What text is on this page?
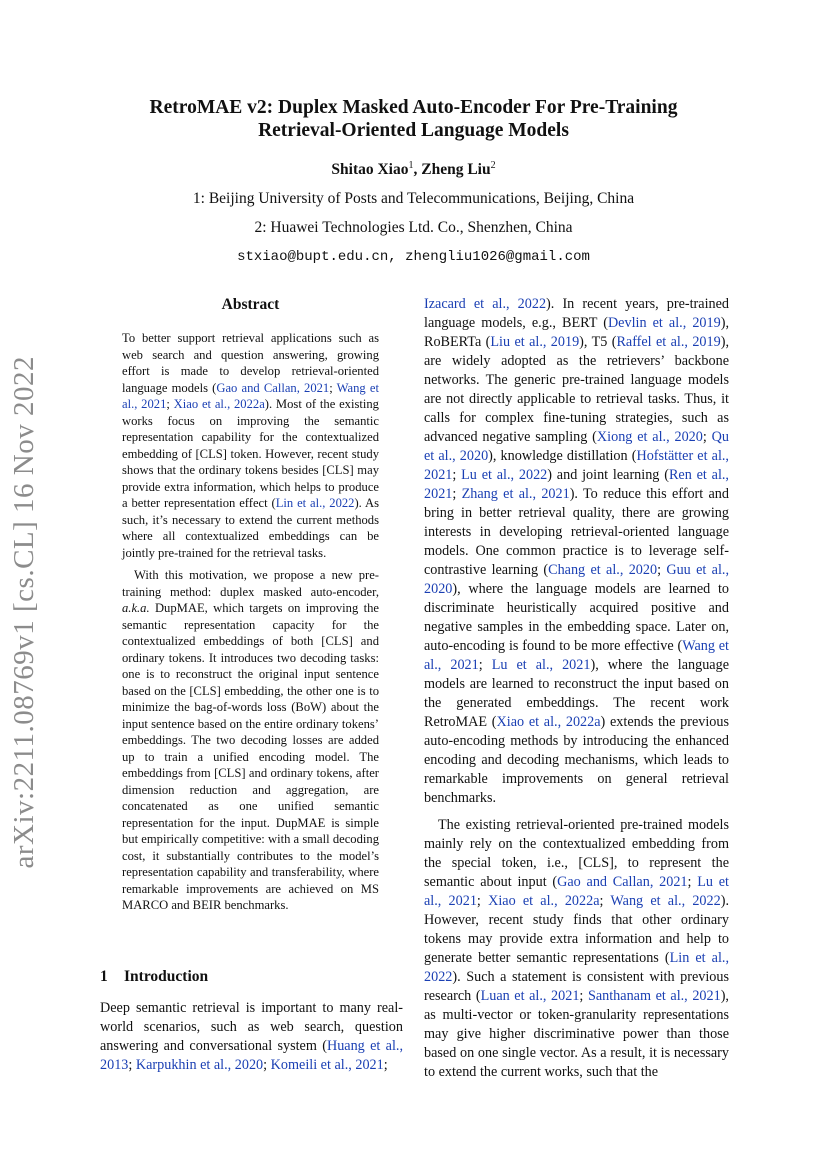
arXiv:2211.08769v1 [cs.CL] 16 Nov 2022
RetroMAE v2: Duplex Masked Auto-Encoder For Pre-Training
Retrieval-Oriented Language Models
Shitao Xiao$^1$, Zheng Liu$^2$
1: Beijing University of Posts and Telecommunications, Beijing, China
2: Huawei Technologies Ltd. Co., Shenzhen, China
stxiao@bupt.edu.cn, zhengliu1026@gmail.com
Abstract

To better support retrieval applications such as web search and question answering, growing effort is made to develop retrieval-oriented language models (Gao and Callan, 2021; Wang et al., 2021; Xiao et al., 2022a). Most of the existing works focus on improving the semantic representation capability for the contextualized embedding of [CLS] token. However, recent study shows that the ordinary tokens besides [CLS] may provide extra information, which helps to produce a better representation effect (Lin et al., 2022). As such, it’s necessary to extend the current methods where all contextualized embeddings can be jointly pre-trained for the retrieval tasks.

With this motivation, we propose a new pre-training method: duplex masked auto-encoder, a.k.a. DupMAE, which targets on improving the semantic representation capacity for the contextualized embeddings of both [CLS] and ordinary tokens. It introduces two decoding tasks: one is to reconstruct the original input sentence based on the [CLS] embedding, the other one is to minimize the bag-of-words loss (BoW) about the input sentence based on the entire ordinary tokens’ embeddings. The two decoding losses are added up to train a unified encoding model. The embeddings from [CLS] and ordinary tokens, after dimension reduction and aggregation, are concatenated as one unified semantic representation for the input. DupMAE is simple but empirically competitive: with a small decoding cost, it substantially contributes to the model’s representation capability and transferability, where remarkable improvements are achieved on MS MARCO and BEIR benchmarks.

1 Introduction
Deep semantic retrieval is important to many real-world scenarios, such as web search, question answering and conversational system (Huang et al., 2013; Karpukhin et al., 2020; Komeili et al., 2021;

Izacard et al., 2022). In recent years, pre-trained language models, e.g., BERT (Devlin et al., 2019), RoBERTa (Liu et al., 2019), T5 (Raffel et al., 2019), are widely adopted as the retrievers’ backbone networks. The generic pre-trained language models are not directly applicable to retrieval tasks. Thus, it calls for complex fine-tuning strategies, such as advanced negative sampling (Xiong et al., 2020; Qu et al., 2020), knowledge distillation (Hofstätter et al., 2021; Lu et al., 2022) and joint learning (Ren et al., 2021; Zhang et al., 2021). To reduce this effort and bring in better retrieval quality, there are growing interests in developing retrieval-oriented language models. One common practice is to leverage self-contrastive learning (Chang et al., 2020; Guu et al., 2020), where the language models are learned to discriminate heuristically acquired positive and negative samples in the embedding space. Later on, auto-encoding is found to be more effective (Wang et al., 2021; Lu et al., 2021), where the language models are learned to reconstruct the input based on the generated embeddings. The recent work RetroMAE (Xiao et al., 2022a) extends the previous auto-encoding methods by introducing the enhanced encoding and decoding mechanisms, which leads to remarkable improvements on general retrieval benchmarks.

The existing retrieval-oriented pre-trained models mainly rely on the contextualized embedding from the special token, i.e., [CLS], to represent the semantic about input (Gao and Callan, 2021; Lu et al., 2021; Xiao et al., 2022a; Wang et al., 2022). However, recent study finds that other ordinary tokens may provide extra information and help to generate better semantic representations (Lin et al., 2022). Such a statement is consistent with previous research (Luan et al., 2021; Santhanam et al., 2021), as multi-vector or token-granularity representations may give higher discriminative power than those based on one single vector. As a result, it is necessary to extend the current works, such that the
